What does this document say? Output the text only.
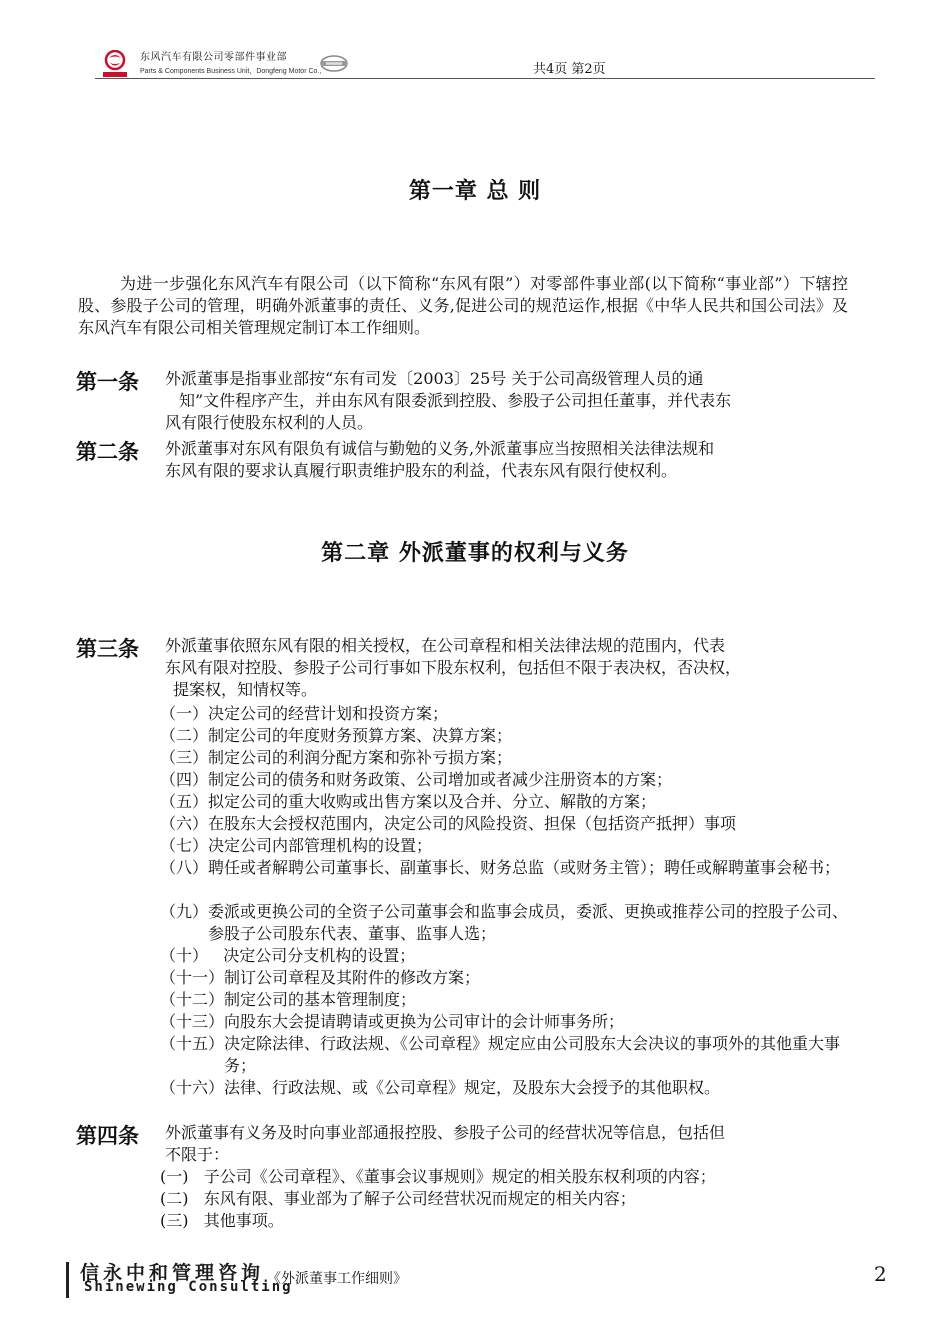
东风汽车有限公司零部件事业部
Parts & Components Business Unit，Dongfeng Motor Co.,	共4页 第2页
第一章 总 则
为进一步强化东风汽车有限公司（以下简称“东风有限”）对零部件事业部(以下简称“事业部”）下辖控股、参股子公司的管理，明确外派董事的责任、义务,促进公司的规范运作,根据《中华人民共和国公司法》及东风汽车有限公司相关管理规定制订本工作细则。
第一条 外派董事是指事业部按“东有司发〔2003〕25号 关于公司高级管理人员的通
知”文件程序产生，并由东风有限委派到控股、参股子公司担任董事，并代表东
风有限行使股东权利的人员。
第二条 外派董事对东风有限负有诚信与勤勉的义务,外派董事应当按照相关法律法规和
东风有限的要求认真履行职责维护股东的利益，代表东风有限行使权利。
第二章 外派董事的权利与义务
第三条 外派董事依照东风有限的相关授权，在公司章程和相关法律法规的范围内，代表
东风有限对控股、参股子公司行事如下股东权利，包括但不限于表决权，否决权，
提案权，知情权等。
（一） 决定公司的经营计划和投资方案；
（二） 制定公司的年度财务预算方案、决算方案；
（三） 制定公司的利润分配方案和弥补亏损方案；
（四） 制定公司的债务和财务政策、公司增加或者减少注册资本的方案；
（五） 拟定公司的重大收购或出售方案以及合并、分立、解散的方案；
（六） 在股东大会授权范围内，决定公司的风险投资、担保（包括资产抵押）事项
（七） 决定公司内部管理机构的设置；
（八） 聘任或者解聘公司董事长、副董事长、财务总监（或财务主管）；聘任或解聘董事会秘书；
（九） 委派或更换公司的全资子公司董事会和监事会成员，委派、更换或推荐公司的控股子公司、参股子公司股东代表、董事、监事人选；
（十） 决定公司分支机构的设置；
（十一） 制订公司章程及其附件的修改方案；
（十二） 制定公司的基本管理制度；
（十三） 向股东大会提请聘请或更换为公司审计的会计师事务所；
（十五） 决定除法律、行政法规、《公司章程》规定应由公司股东大会决议的事项外的其他重大事务；
（十六） 法律、行政法规、或《公司章程》规定，及股东大会授予的其他职权。
第四条 外派董事有义务及时向事业部通报控股、参股子公司的经营状况等信息，包括但
不限于：
(一) 子公司《公司章程》、《董事会议事规则》规定的相关股东权利项的内容；
(二) 东风有限、事业部为了解子公司经营状况而规定的相关内容；
(三) 其他事项。
信永中和管理咨询
Shinewing Consulting
《外派董事工作细则》	2
